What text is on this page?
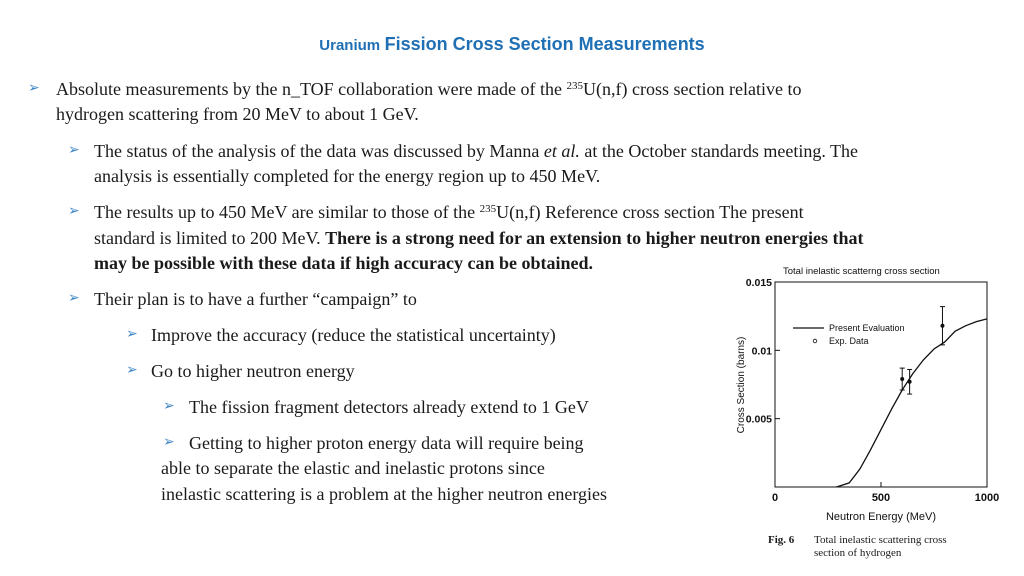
Uranium Fission Cross Section Measurements
➢ Absolute measurements by the n_TOF collaboration were made of the $^{235}$U(n,f) cross section relative to
hydrogen scattering from 20 MeV to about 1 GeV.
➢ The status of the analysis of the data was discussed by Manna et al. at the October standards meeting. The
analysis is essentially completed for the energy region up to 450 MeV.
➢ The results up to 450 MeV are similar to those of the $^{235}$U(n,f) Reference cross section The present
standard is limited to 200 MeV. There is a strong need for an extension to higher neutron energies that
may be possible with these data if high accuracy can be obtained.
➢ Their plan is to have a further “campaign” to
➢ Improve the accuracy (reduce the statistical uncertainty)
➢ Go to higher neutron energy
➢ The fission fragment detectors already extend to 1 GeV
➢ Getting to higher proton energy data will require being
able to separate the elastic and inelastic protons since
inelastic scattering is a problem at the higher neutron energies
Total inelastic scatterng cross section
0	500	1000
0.005
0.01
0.015
Cross Section (barns)
Neutron Energy (MeV)
Present Evaluation
Exp. Data
Fig. 6 Total inelastic scattering cross
section of hydrogen
